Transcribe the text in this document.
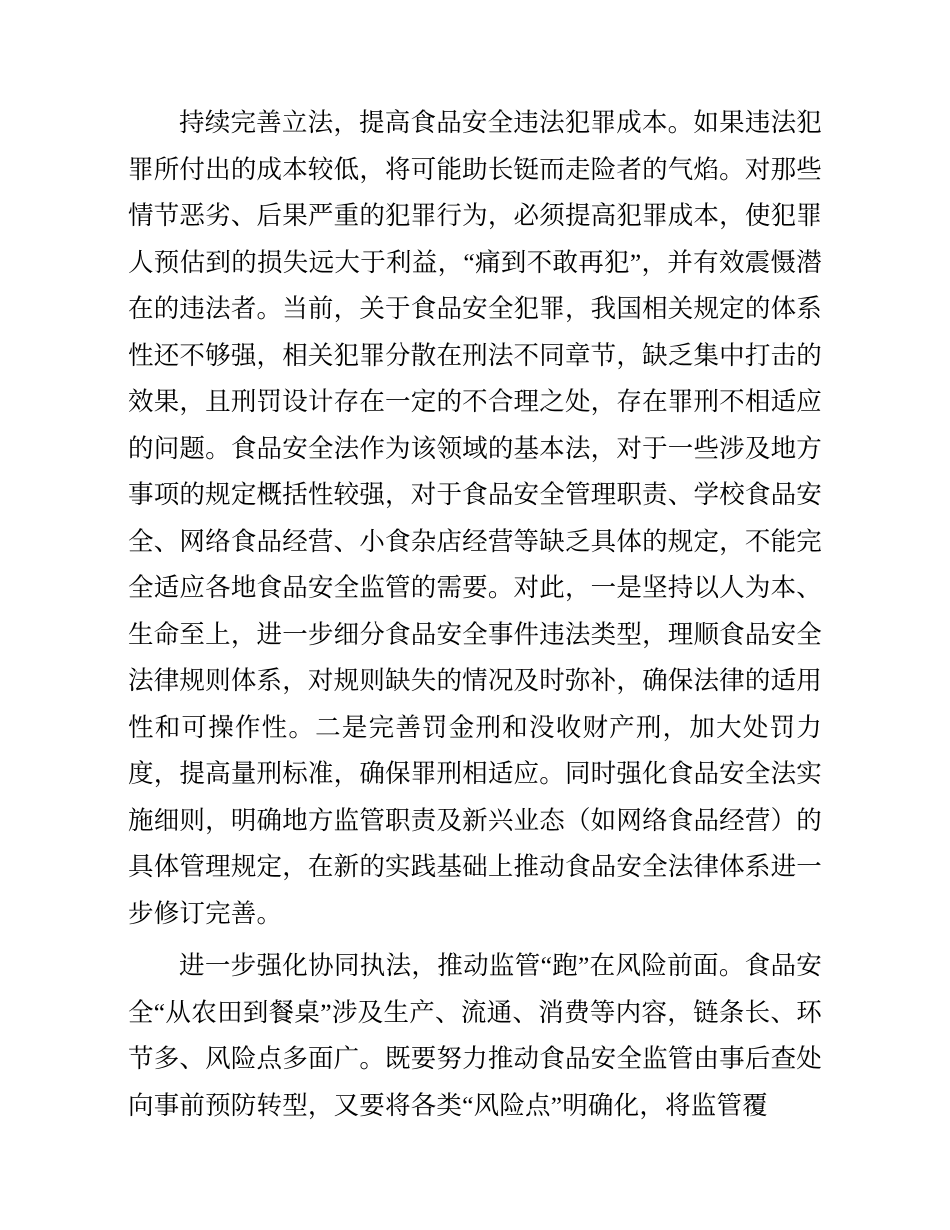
持续完善立法，提高食品安全违法犯罪成本。如果违法犯罪所付出的成本较低，将可能助长铤而走险者的气焰。对那些情节恶劣、后果严重的犯罪行为，必须提高犯罪成本，使犯罪人预估到的损失远大于利益，“痛到不敢再犯”，并有效震慑潜在的违法者。当前，关于食品安全犯罪，我国相关规定的体系性还不够强，相关犯罪分散在刑法不同章节，缺乏集中打击的效果，且刑罚设计存在一定的不合理之处，存在罪刑不相适应的问题。食品安全法作为该领域的基本法，对于一些涉及地方事项的规定概括性较强，对于食品安全管理职责、学校食品安全、网络食品经营、小食杂店经营等缺乏具体的规定，不能完全适应各地食品安全监管的需要。对此，一是坚持以人为本、生命至上，进一步细分食品安全事件违法类型，理顺食品安全法律规则体系，对规则缺失的情况及时弥补，确保法律的适用性和可操作性。二是完善罚金刑和没收财产刑，加大处罚力度，提高量刑标准，确保罪刑相适应。同时强化食品安全法实施细则，明确地方监管职责及新兴业态（如网络食品经营）的具体管理规定，在新的实践基础上推动食品安全法律体系进一步修订完善。

进一步强化协同执法，推动监管“跑”在风险前面。食品安全“从农田到餐桌”涉及生产、流通、消费等内容，链条长、环节多、风险点多面广。既要努力推动食品安全监管由事后查处向事前预防转型，又要将各类“风险点”明确化，将监管覆
